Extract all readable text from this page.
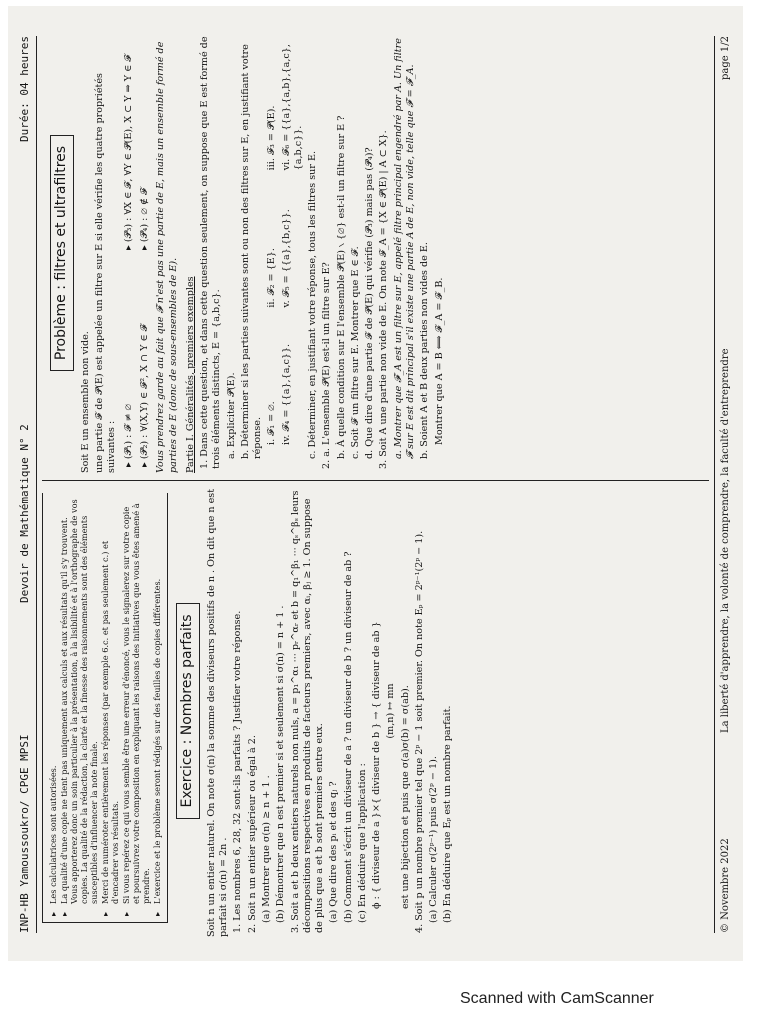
INP-HB Yamoussoukro/ CPGE MPSI
Devoir de Mathématique N° 2
Durée: 04 heures
▸ Les calculatrices sont autorisées. ▸ La qualité d'une copie ne tient pas uniquement aux calculs et aux résultats qu'il s'y trouvent. Vous apporterez donc un soin particulier à la présentation, à la lisibilité et à l'orthographe de vos copies. La qualité de la rédaction, la clarté et la finesse des raisonnements sont des éléments susceptibles d'influencer la note finale. ▸ Merci de numéroter entièrement les réponses (par exemple 6.c. et pas seulement c.) et d'encadrer vos résultats. ▸ Si vous repérez ce qui vous semble être une erreur d'énoncé, vous le signalerez sur votre copie et poursuivrez votre composition en expliquant les raisons des initiatives que vous êtes amené à prendre. ▸ L'exercice et le problème seront rédigés sur des feuilles de copies différentes. Exercice : Nombres parfaits Soit n un entier naturel. On note σ(n) la somme des diviseurs positifs de n . On dit que n est parfait si σ(n) = 2n . 1. Les nombres 6, 28, 32 sont-ils parfaits ? Justifier votre réponse. 2. Soit n un entier supérieur ou égal à 2. (a) Montrer que σ(n) ≥ n + 1 . (b) Démontrer que n est premier si et seulement si σ(n) = n + 1 . 3. Soit a et b deux entiers naturels non nuls, a = p₁^α₁ ··· pᵣ^αᵣ et b = q₁^β₁ ··· qₛ^βₛ leurs décompositions respectives en produits de facteurs premiers, avec αᵢ, βⱼ ≥ 1. On suppose de plus que a et b sont premiers entre eux. (a) Que dire des pᵢ et des qⱼ ? (b) Comment s'écrit un diviseur de a ? un diviseur de b ? un diviseur de ab ? (c) En déduire que l'application : ϕ : { diviseur de a }×{ diviseur de b } → { diviseur de ab } (m,n) ↦ mn est une bijection et puis que σ(a)σ(b) = σ(ab). 4. Soit p un nombre premier tel que 2ᵖ − 1 soit premier. On note Eₚ = 2ᵖ⁻¹(2ᵖ − 1). (a) Calculer σ(2ᵖ⁻¹) puis σ(2ᵖ − 1). (b) En déduire que Eₚ est un nombre parfait.

Problème : filtres et ultrafiltres

Soit E un ensemble non vide. une partie 𝓕 de 𝓟(E) est appelée un filtre sur E si elle vérifie les quatre propriétés suivantes : ▸ (𝓟₁) : 𝓕 ≠ ∅

▸ (𝓟₃) : ∀X ∈ 𝓕, ∀Y ∈ 𝓟(E), X ⊂ Y ⇒ Y ∈ 𝓕

▸ (𝓟₂) : ∀(X,Y) ∈ 𝓕², X ∩ Y ∈ 𝓕

▸ (𝓟₄) : ∅ ∉ 𝓕 Vous prendrez garde au fait que 𝓕 n'est pas une partie de E, mais un ensemble formé de parties de E (donc de sous-ensembles de E). Partie I. Généralités, premiers exemples 1. Dans cette question, et dans cette question seulement, on suppose que E est formé de trois éléments distincts, E = {a,b,c}. a. Expliciter 𝓟(E). b. Déterminer si les parties suivantes sont ou non des filtres sur E, en justifiant votre réponse. i. 𝓕₁ = ∅.
ii. 𝓕₂ = {E}.
iii. 𝓕₃ = 𝓟(E).
iv. 𝓕₄ = {{a},{a,c}}.
v. 𝓕₅ = {{a},{b,c}}.
vi. 𝓕₆ = {{a},{a,b},{a,c},{a,b,c}}.

c. Déterminer, en justifiant votre réponse, tous les filtres sur E. 2. a. L'ensemble 𝓟(E) est-il un filtre sur E? b. À quelle condition sur E l'ensemble 𝓟(E) ∖ {∅} est-il un filtre sur E ? c. Soit 𝓕 un filtre sur E. Montrer que E ∈ 𝓕. d. Que dire d'une partie 𝓕 de 𝓟(E) qui vérifie (𝓟₃) mais pas (𝓟₄)? 3. Soit A une partie non vide de E. On note 𝓕_A = {X ∈ 𝓟(E) | A ⊂ X}. a. Montrer que 𝓕_A est un filtre sur E, appelé filtre principal engendré par A. Un filtre 𝓕 sur E est dit principal s'il existe une partie A de E, non vide, telle que 𝓕 = 𝓕_A. b. Soient A et B deux parties non vides de E. Montrer que A = B ⟺ 𝓕_A = 𝓕_B.

© Novembre 2022
La liberté d'apprendre, la volonté de comprendre, la faculté d'entreprendre
page 1/2
Scanned with CamScanner
